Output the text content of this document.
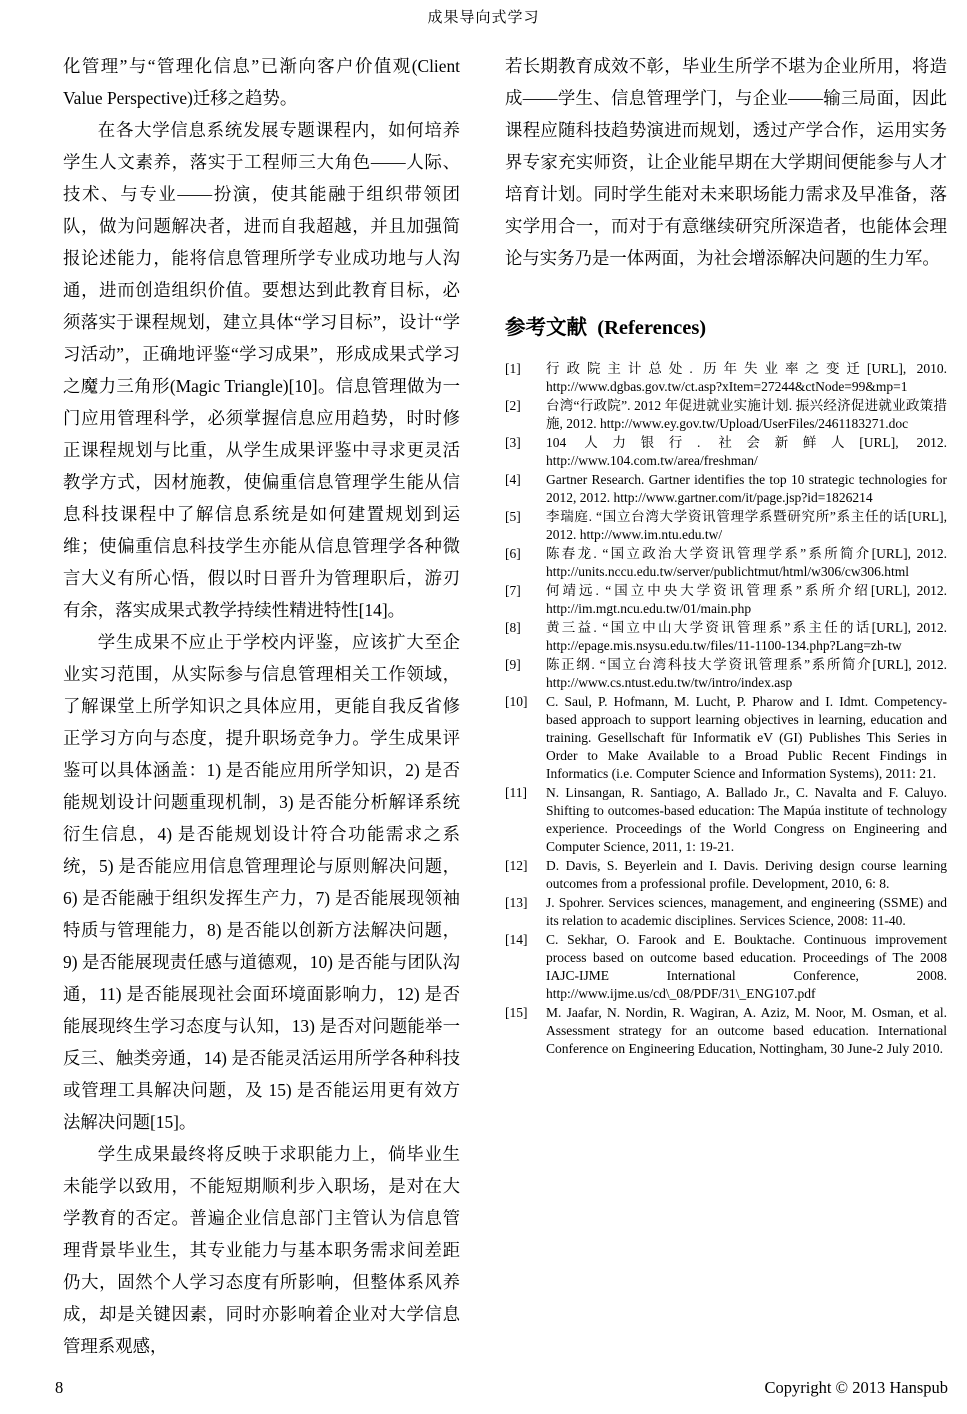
成果导向式学习

化管理”与“管理化信息”已渐向客户价值观(Client Value Perspective)迁移之趋势。

在各大学信息系统发展专题课程内，如何培养学生人文素养，落实于工程师三大角色——人际、技术、与专业——扮演，使其能融于组织带领团队，做为问题解决者，进而自我超越，并且加强简报论述能力，能将信息管理所学专业成功地与人沟通，进而创造组织价值。要想达到此教育目标，必须落实于课程规划，建立具体“学习目标”，设计“学习活动”，正确地评鉴“学习成果”，形成成果式学习之魔力三角形(Magic Triangle)[10]。信息管理做为一门应用管理科学，必须掌握信息应用趋势，时时修正课程规划与比重，从学生成果评鉴中寻求更灵活教学方式，因材施教，使偏重信息管理学生能从信息科技课程中了解信息系统是如何建置规划到运维；使偏重信息科技学生亦能从信息管理学各种微言大义有所心悟，假以时日晋升为管理职后，游刃有余，落实成果式教学持续性精进特性[14]。

学生成果不应止于学校内评鉴，应该扩大至企业实习范围，从实际参与信息管理相关工作领域，了解课堂上所学知识之具体应用，更能自我反省修正学习方向与态度，提升职场竞争力。学生成果评鉴可以具体涵盖：1) 是否能应用所学知识，2) 是否能规划设计问题重现机制，3) 是否能分析解译系统衍生信息，4) 是否能规划设计符合功能需求之系统，5) 是否能应用信息管理理论与原则解决问题，6) 是否能融于组织发挥生产力，7) 是否能展现领袖特质与管理能力，8) 是否能以创新方法解决问题，9) 是否能展现责任感与道德观，10) 是否能与团队沟通，11) 是否能展现社会面环境面影响力，12) 是否能展现终生学习态度与认知，13) 是否对问题能举一反三、触类旁通，14) 是否能灵活运用所学各种科技或管理工具解决问题，及 15) 是否能运用更有效方法解决问题[15]。

学生成果最终将反映于求职能力上，倘毕业生未能学以致用，不能短期顺利步入职场，是对在大学教育的否定。普遍企业信息部门主管认为信息管理背景毕业生，其专业能力与基本职务需求间差距仍大，固然个人学习态度有所影响，但整体系风养成，却是关键因素，同时亦影响着企业对大学信息管理系观感，

若长期教育成效不彰，毕业生所学不堪为企业所用，将造成——学生、信息管理学门，与企业——输三局面，因此课程应随科技趋势演进而规划，透过产学合作，运用实务界专家充实师资，让企业能早期在大学期间便能参与人才培育计划。同时学生能对未来职场能力需求及早准备，落实学用合一，而对于有意继续研究所深造者，也能体会理论与实务乃是一体两面，为社会增添解决问题的生力军。

参考文献  (References)
[1]	行政院主计总处. 历年失业率之变迁[URL], 2010. http://www.dgbas.gov.tw/ct.asp?xItem=27244&ctNode=99&mp=1
[2]	台湾“行政院”. 2012 年促进就业实施计划. 振兴经济促进就业政策措施, 2012. http://www.ey.gov.tw/Upload/UserFiles/2461183271.doc
[3]	104 人力银行. 社会新鲜人[URL], 2012. http://www.104.com.tw/area/freshman/
[4]	Gartner Research. Gartner identifies the top 10 strategic technologies for 2012, 2012. http://www.gartner.com/it/page.jsp?id=1826214
[5]	李瑞庭. “国立台湾大学资讯管理学系暨研究所”系主任的话[URL], 2012. http://www.im.ntu.edu.tw/
[6]	陈春龙. “国立政治大学资讯管理学系”系所简介[URL], 2012. http://units.nccu.edu.tw/server/publichtmut/html/w306/cw306.html
[7]	何靖远. “国立中央大学资讯管理系”系所介绍[URL], 2012. http://im.mgt.ncu.edu.tw/01/main.php
[8]	黄三益. “国立中山大学资讯管理系”系主任的话[URL], 2012. http://epage.mis.nsysu.edu.tw/files/11-1100-134.php?Lang=zh-tw
[9]	陈正纲. “国立台湾科技大学资讯管理系”系所简介[URL], 2012. http://www.cs.ntust.edu.tw/tw/intro/index.asp
[10]	C. Saul, P. Hofmann, M. Lucht, P. Pharow and I. Idmt. Competency-based approach to support learning objectives in learning, education and training. Gesellschaft für Informatik eV (GI) Publishes This Series in Order to Make Available to a Broad Public Recent Findings in Informatics (i.e. Computer Science and Information Systems), 2011: 21.
[11]	N. Linsangan, R. Santiago, A. Ballado Jr., C. Navalta and F. Caluyo. Shifting to outcomes-based education: The Mapúa institute of technology experience. Proceedings of the World Congress on Engineering and Computer Science, 2011, 1: 19-21.
[12]	D. Davis, S. Beyerlein and I. Davis. Deriving design course learning outcomes from a professional profile. Development, 2010, 6: 8.
[13]	J. Spohrer. Services sciences, management, and engineering (SSME) and its relation to academic disciplines. Services Science, 2008: 11-40.
[14]	C. Sekhar, O. Farook and E. Bouktache. Continuous improvement process based on outcome based education. Proceedings of The 2008 IAJC-IJME International Conference, 2008. http://www.ijme.us/cd\_08/PDF/31\_ENG107.pdf
[15]	M. Jaafar, N. Nordin, R. Wagiran, A. Aziz, M. Noor, M. Osman, et al. Assessment strategy for an outcome based education. International Conference on Engineering Education, Nottingham, 30 June-2 July 2010.
8	Copyright © 2013 Hanspub
